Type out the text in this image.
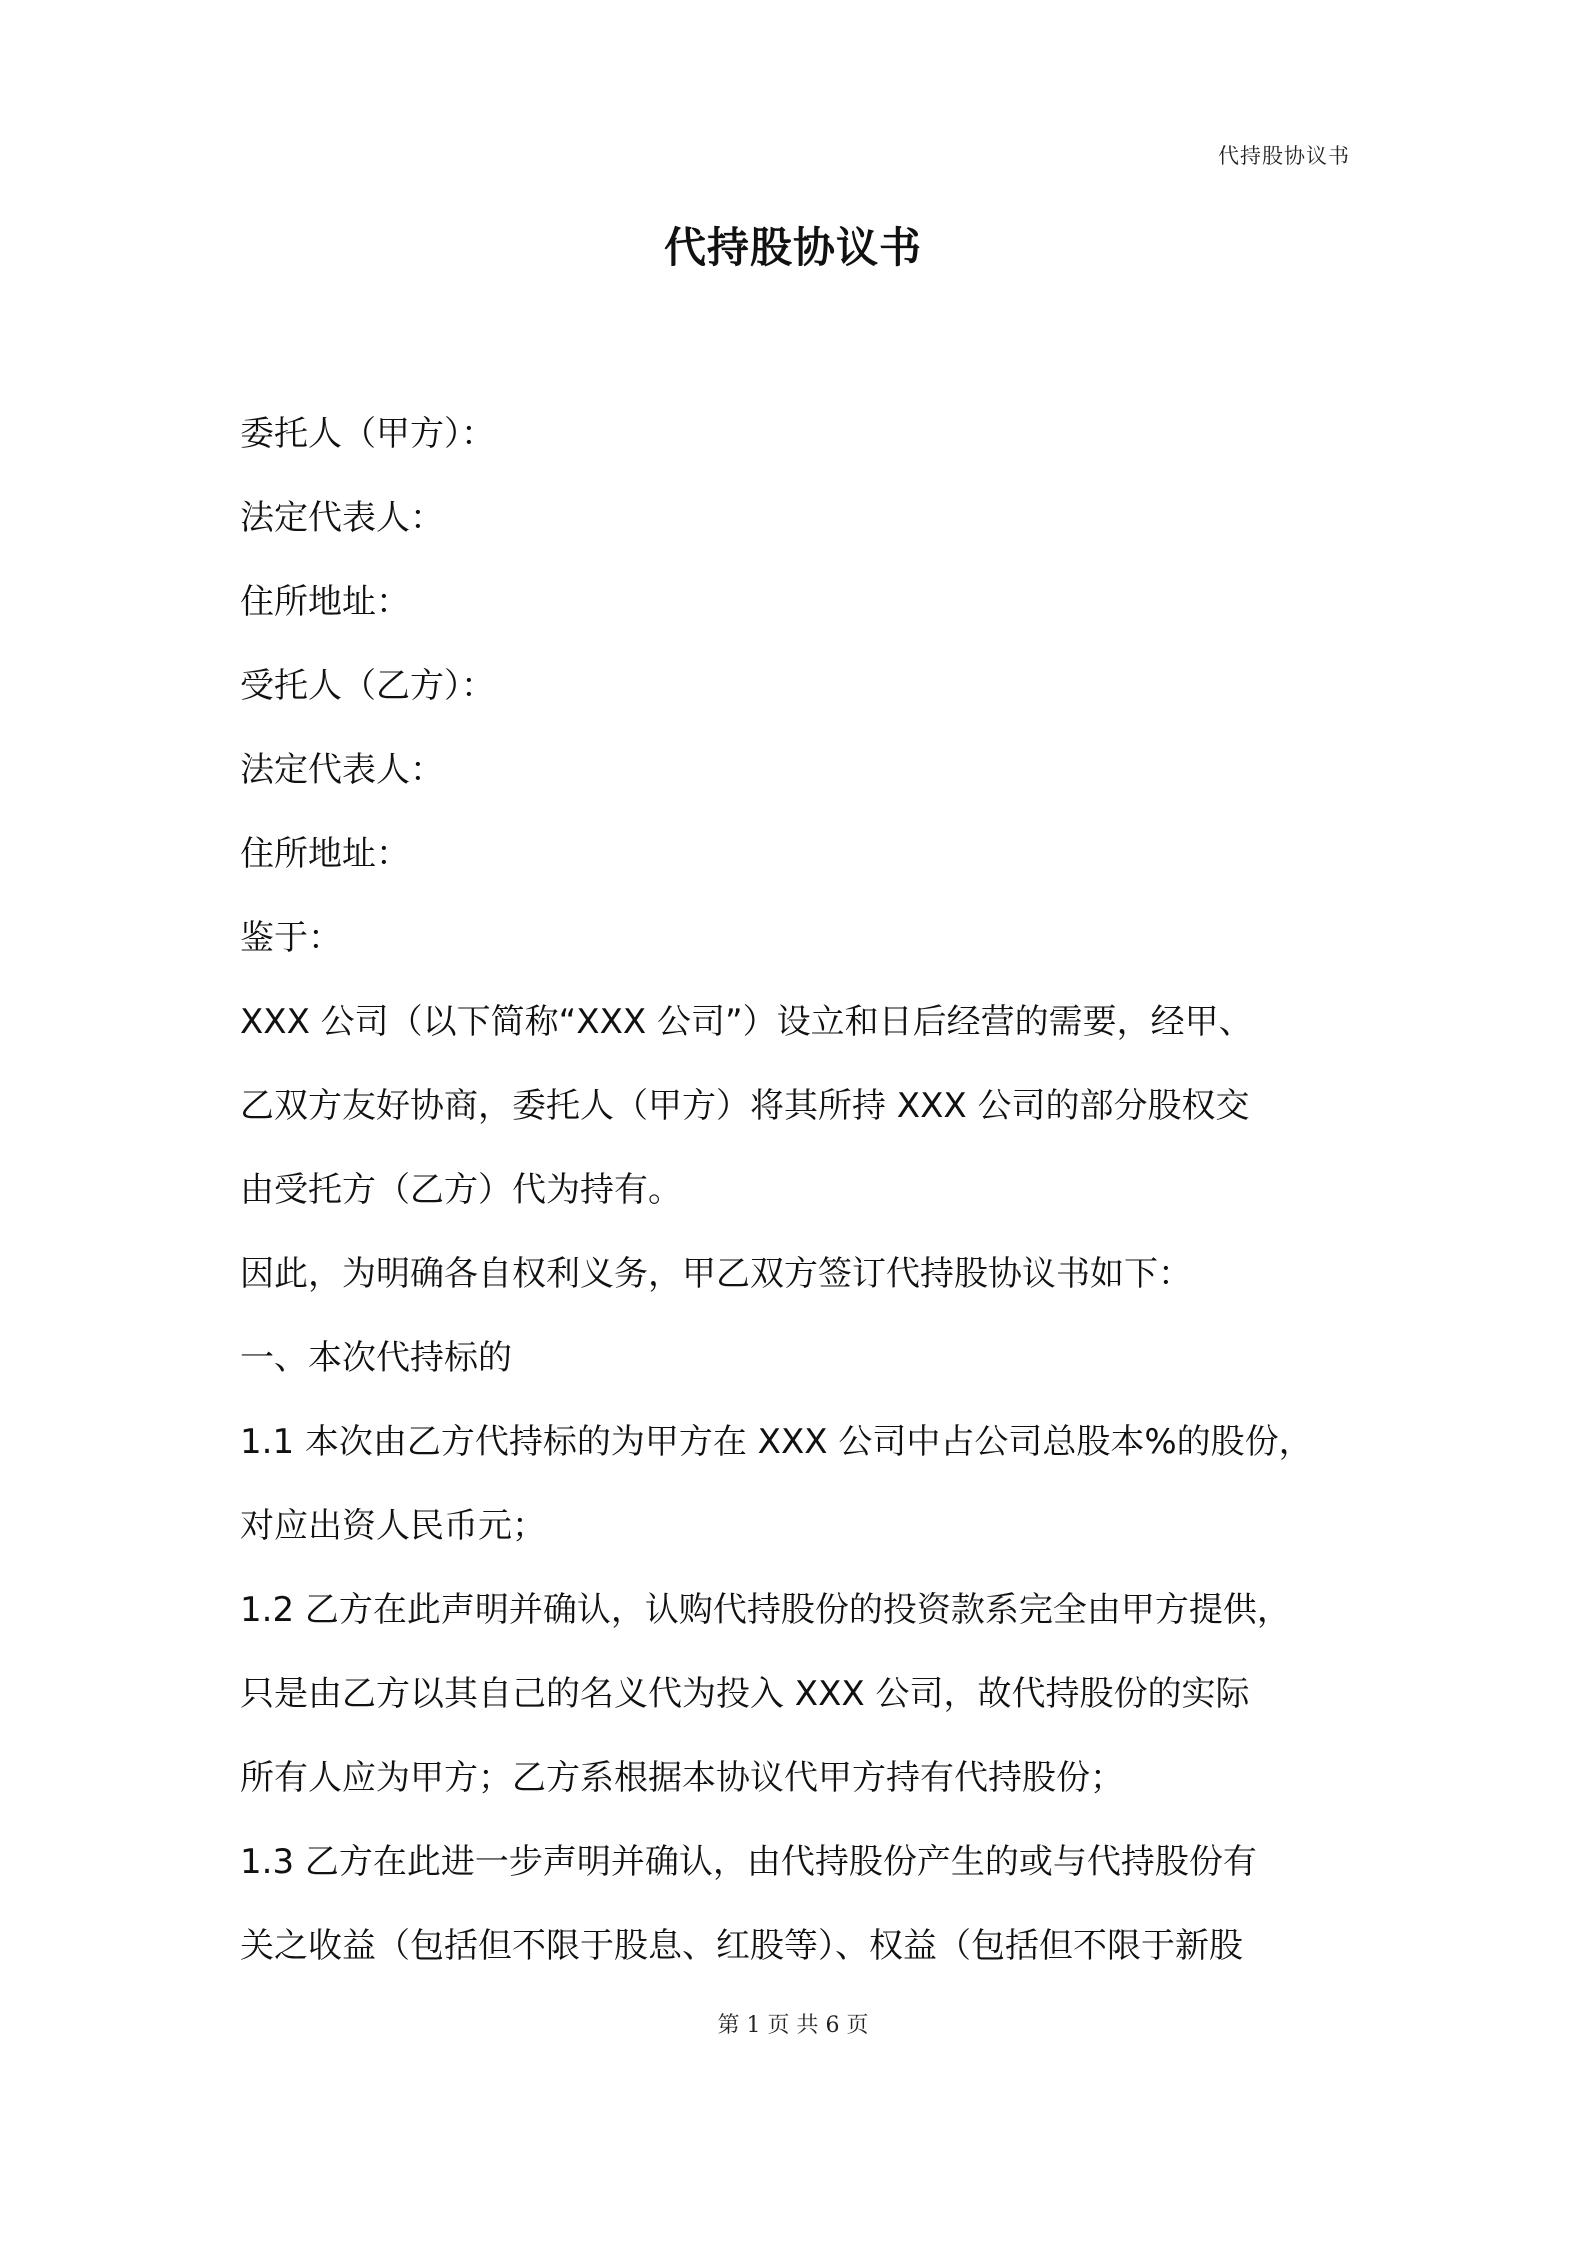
代持股协议书
代持股协议书

委托人（甲方）：

法定代表人：

住所地址：

受托人（乙方）：

法定代表人：

住所地址：

鉴于：

XXX 公司（以下简称“XXX 公司”）设立和日后经营的需要，经甲、

乙双方友好协商，委托人（甲方）将其所持 XXX 公司的部分股权交

由受托方（乙方）代为持有。

因此，为明确各自权利义务，甲乙双方签订代持股协议书如下：

一、本次代持标的

1.1 本次由乙方代持标的为甲方在 XXX 公司中占公司总股本%的股份，

对应出资人民币元；

1.2 乙方在此声明并确认，认购代持股份的投资款系完全由甲方提供，

只是由乙方以其自己的名义代为投入 XXX 公司，故代持股份的实际

所有人应为甲方；乙方系根据本协议代甲方持有代持股份；

1.3 乙方在此进一步声明并确认，由代持股份产生的或与代持股份有

关之收益（包括但不限于股息、红股等）、权益（包括但不限于新股

第 1 页 共 6 页
